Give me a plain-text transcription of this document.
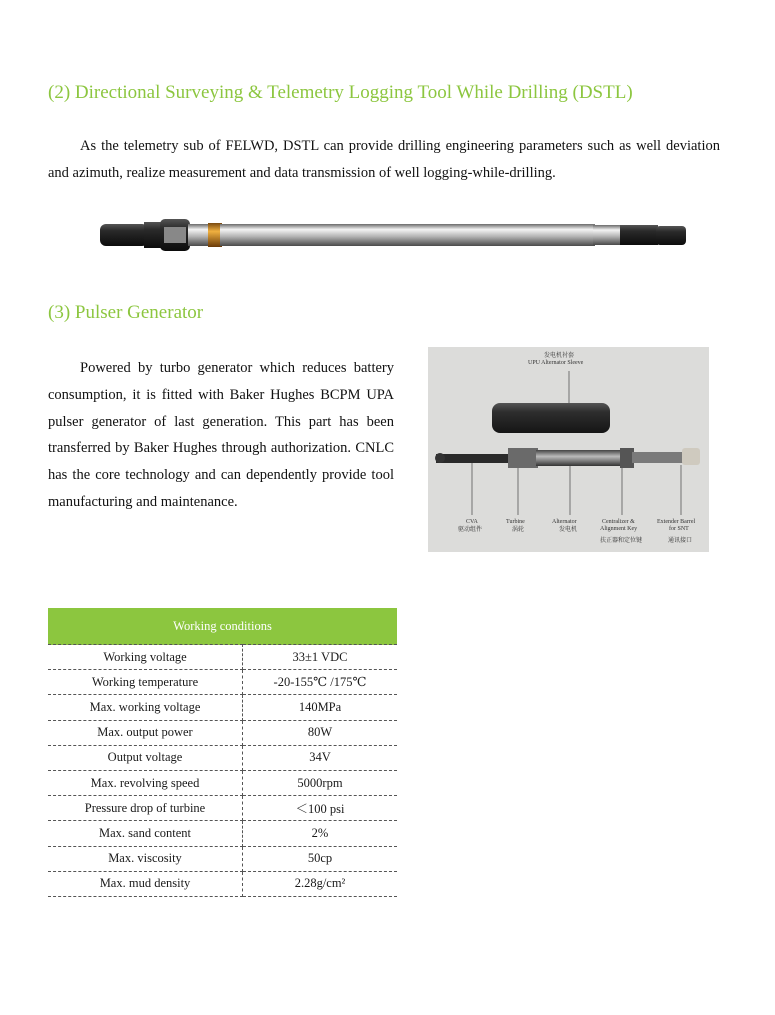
(2) Directional Surveying & Telemetry Logging Tool While Drilling (DSTL)

As the telemetry sub of FELWD, DSTL can provide drilling engineering parameters such as well deviation and azimuth, realize measurement and data transmission of well logging-while-drilling.

(3) Pulser Generator

Powered by turbo generator which reduces battery consumption, it is fitted with Baker Hughes BCPM UPA pulser generator of last generation. This part has been transferred by Baker Hughes through authorization. CNLC has the core technology and can dependently provide tool manufacturing and maintenance.

发电机衬套
UPU Alternator Sleeve
CVA
驱动组件
Turbine
涡轮
Alternator
发电机
Centralizer &
Alignment Key
扶正器和定位键
Extender Barrel
for SNT
通讯接口
Working conditions	
Working voltage	33±1 VDC
Working temperature	-20-155℃ /175℃
Max. working voltage	140MPa
Max. output power	80W
Output voltage	34V
Max. revolving speed	5000rpm
Pressure drop of turbine	＜100 psi
Max. sand content	2%
Max. viscosity	50cp
Max. mud density	2.28g/cm²
